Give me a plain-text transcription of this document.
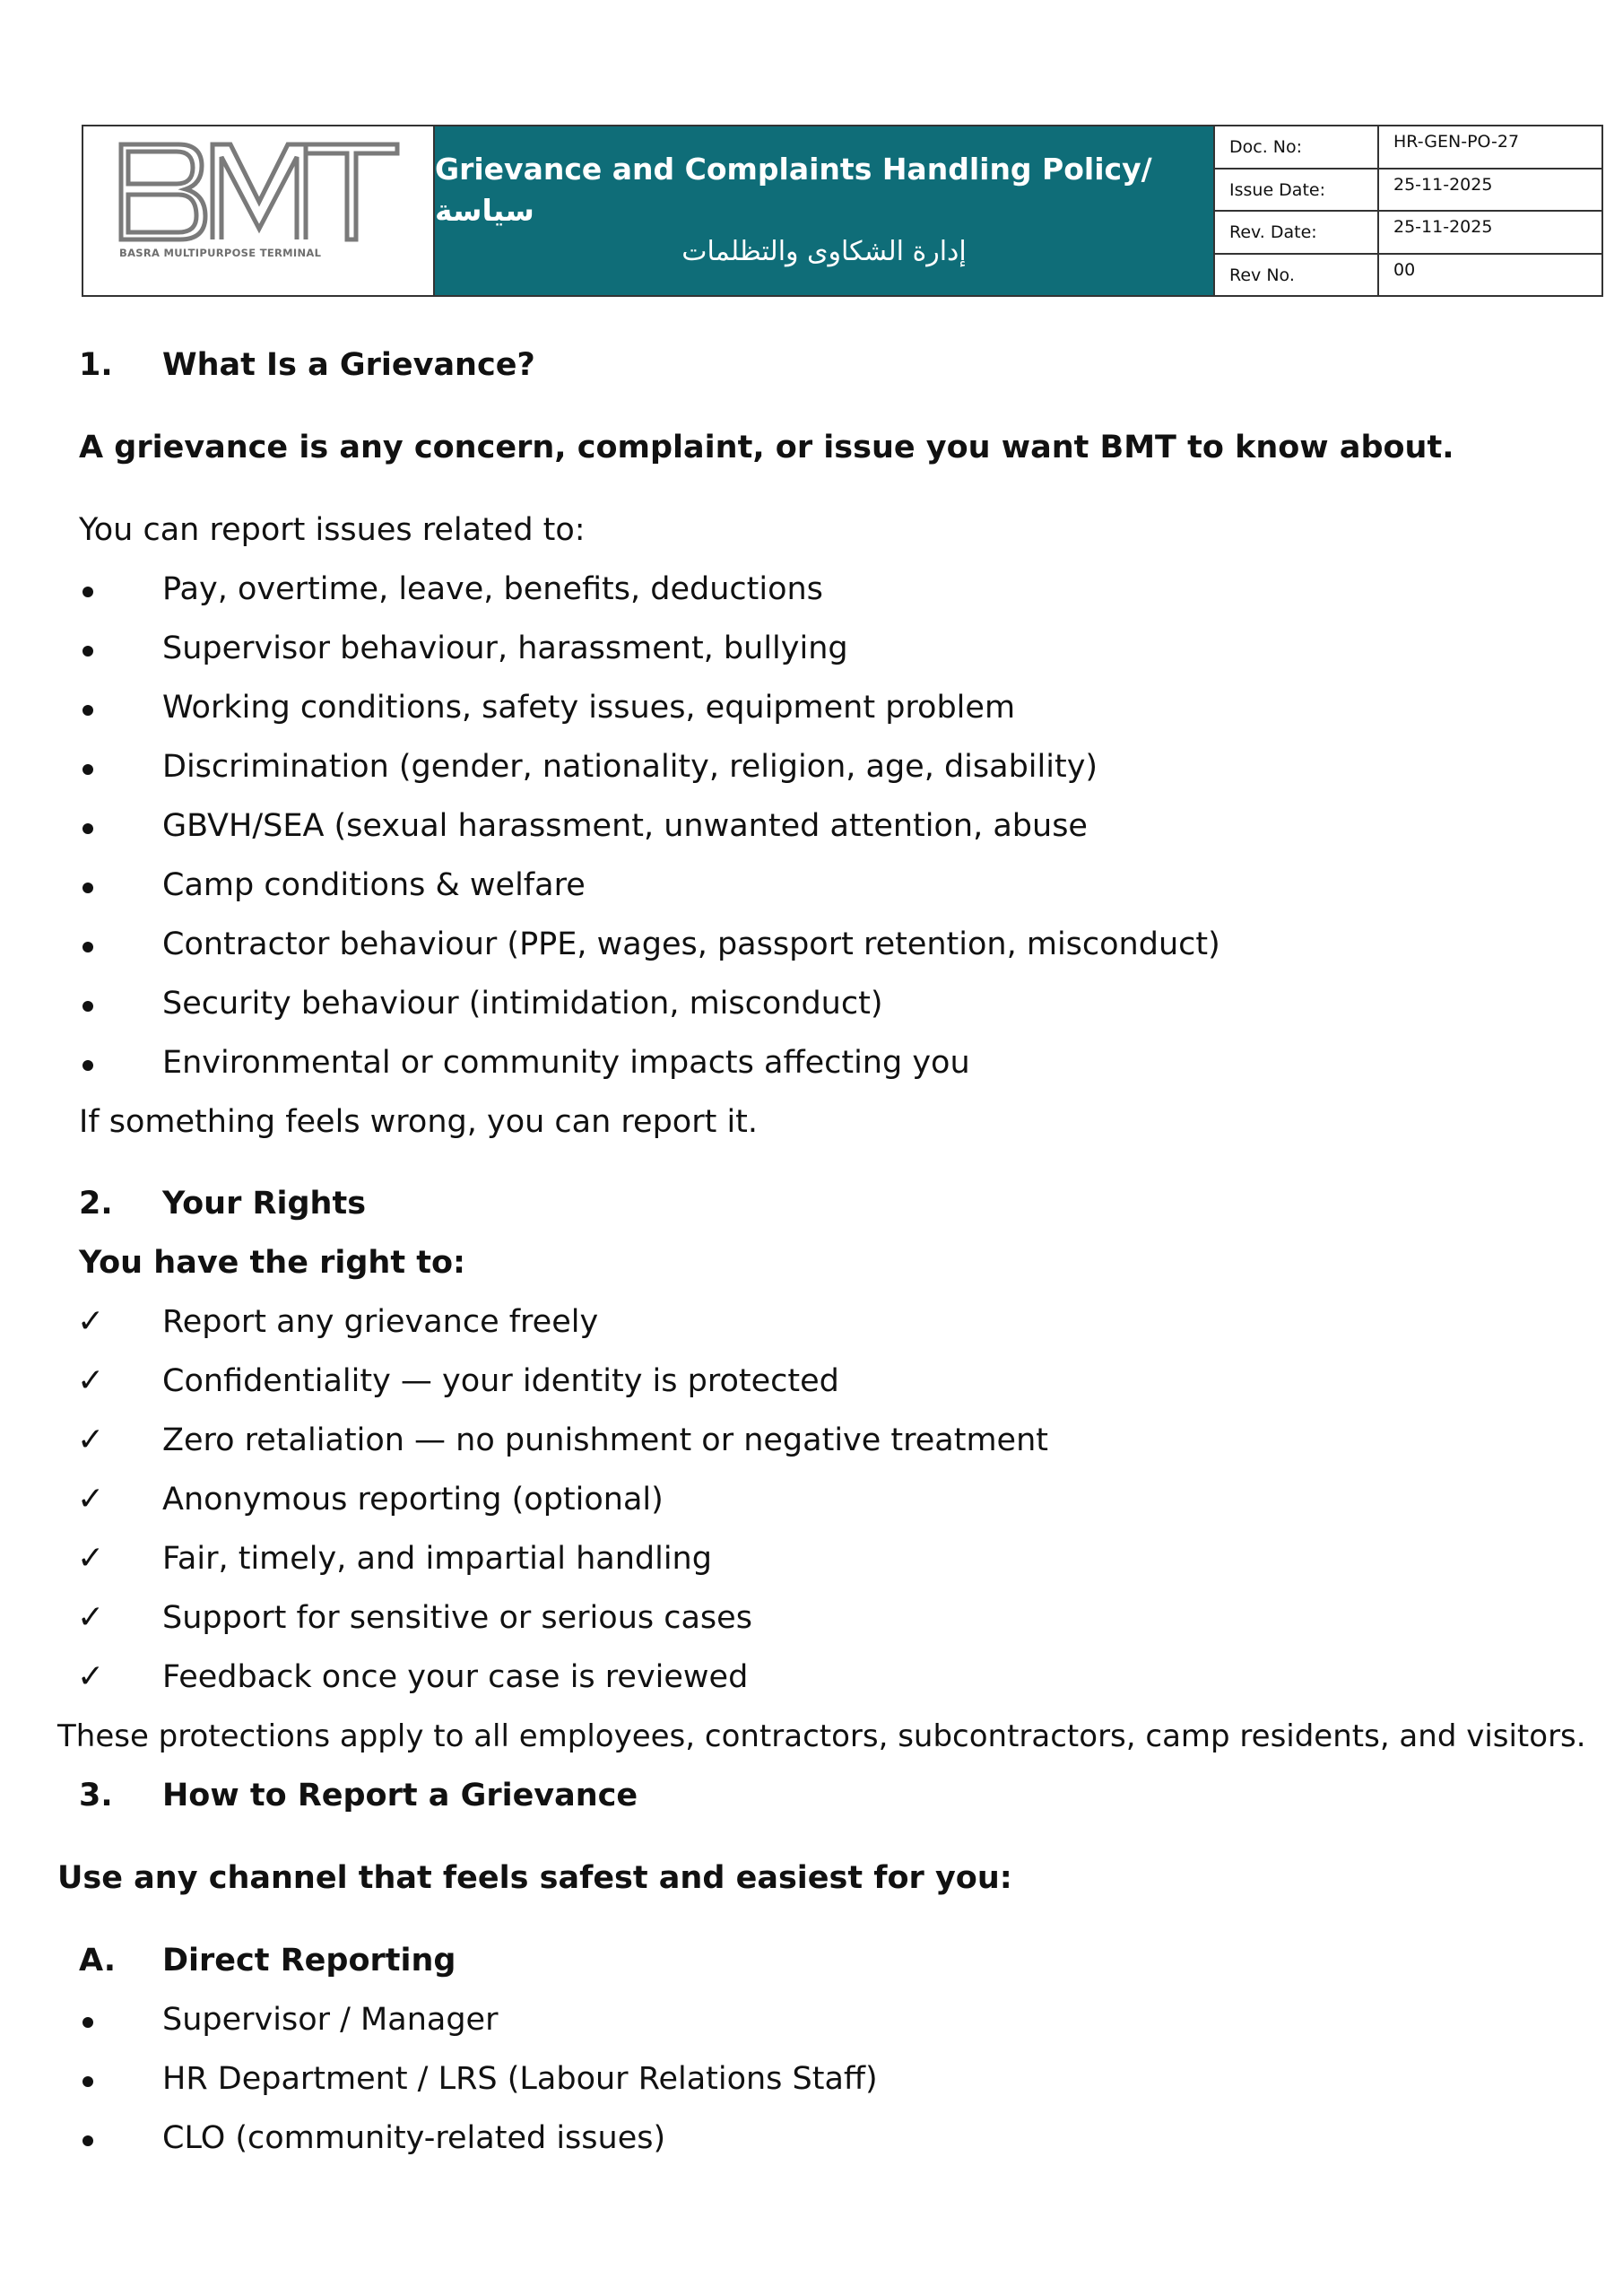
BASRA MULTIPURPOSE TERMINAL
Grievance and Complaints Handling Policy/ سياسة
إدارة الشكاوى والتظلمات
Doc. No:	HR-GEN-PO-27
Issue Date:	25-11-2025
Rev. Date:	25-11-2025
Rev No.	00
1. What Is a Grievance?
A grievance is any concern, complaint, or issue you want BMT to know about.
You can report issues related to:
Pay, overtime, leave, benefits, deductions
Supervisor behaviour, harassment, bullying
Working conditions, safety issues, equipment problem
Discrimination (gender, nationality, religion, age, disability)
GBVH/SEA (sexual harassment, unwanted attention, abuse
Camp conditions & welfare
Contractor behaviour (PPE, wages, passport retention, misconduct)
Security behaviour (intimidation, misconduct)
Environmental or community impacts affecting you
If something feels wrong, you can report it.
2. Your Rights
You have the right to:
✓ Report any grievance freely
✓ Confidentiality — your identity is protected
✓ Zero retaliation — no punishment or negative treatment
✓ Anonymous reporting (optional)
✓ Fair, timely, and impartial handling
✓ Support for sensitive or serious cases
✓ Feedback once your case is reviewed
These protections apply to all employees, contractors, subcontractors, camp residents, and visitors.
3. How to Report a Grievance
Use any channel that feels safest and easiest for you:
A. Direct Reporting
Supervisor / Manager
HR Department / LRS (Labour Relations Staff)
CLO (community-related issues)
